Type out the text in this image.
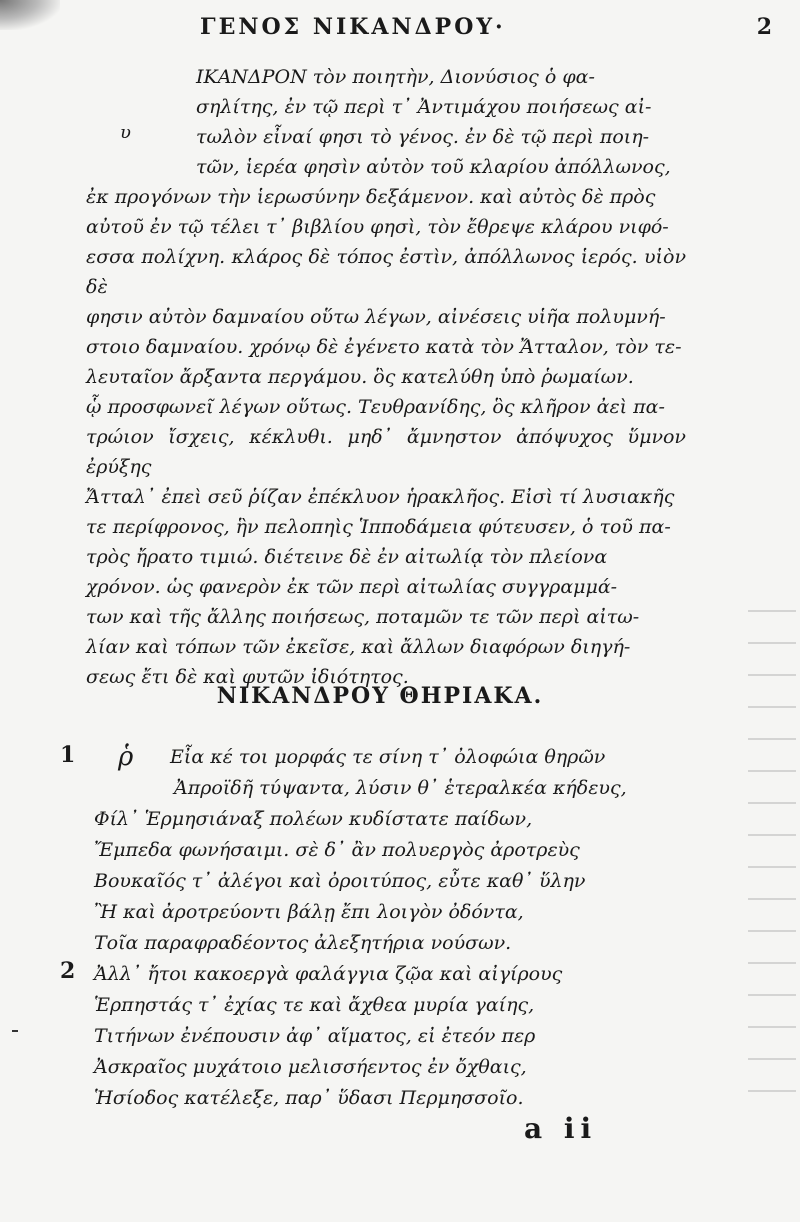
ΓΕΝΟΣ ΝΙΚΑΝΔΡΟΥ·	2
υ

ΙΚΑΝΔΡΟΝ τὸν ποιητὴν, Διονύσιος ὁ φα-

σηλίτης, ἐν τῷ περὶ τ᾽ Ἀντιμάχου ποιήσεως αἰ-

τωλὸν εἶναί φησι τὸ γένος. ἐν δὲ τῷ περὶ ποιη-

τῶν, ἱερέα φησὶν αὐτὸν τοῦ κλαρίου ἀπόλλωνος,

ἐκ προγόνων τὴν ἱερωσύνην δεξάμενον. καὶ αὐτὸς δὲ πρὸς

αὐτοῦ ἐν τῷ τέλει τ᾽ βιβλίου φησὶ, τὸν ἔθρεψε κλάρου νιφό-

εσσα πολίχνη. κλάρος δὲ τόπος ἐστὶν, ἀπόλλωνος ἱερός. υἱὸν δὲ

φησιν αὐτὸν δαμναίου οὕτω λέγων, αἰνέσεις υἱῆα πολυμνή-

στοιο δαμναίου. χρόνῳ δὲ ἐγένετο κατὰ τὸν Ἄτταλον, τὸν τε-

λευταῖον ἄρξαντα περγάμου. ὃς κατελύθη ὑπὸ ῥωμαίων.

ᾧ προσφωνεῖ λέγων οὕτως. Τευθρανίδης, ὃς κλῆρον ἀεὶ πα-

τρώιον ἴσχεις, κέκλυθι. μηδ᾽ ἄμνηστον ἀπόψυχος ὕμνον ἐρύξης

Ἄτταλ᾽ ἐπεὶ σεῦ ῥίζαν ἐπέκλυον ἡρακλῆος. Εἰσὶ τί λυσιακῆς

τε περίφρονος, ἣν πελοπηὶς Ἱπποδάμεια φύτευσεν, ὁ τοῦ πα-

τρὸς ἤρατο τιμιώ. διέτεινε δὲ ἐν αἰτωλίᾳ τὸν πλείονα

χρόνον. ὡς φανερὸν ἐκ τῶν περὶ αἰτωλίας συγγραμμά-

των καὶ τῆς ἄλλης ποιήσεως, ποταμῶν τε τῶν περὶ αἰτω-

λίαν καὶ τόπων τῶν ἐκεῖσε, καὶ ἄλλων διαφόρων διηγή-

σεως ἔτι δὲ καὶ φυτῶν ἰδιότητος.

ΝΙΚΑΝΔΡΟΥ ΘΗΡΙΑΚΑ.
1
2
ῥ	Εἶα κέ τοι μορφάς τε σίνη τ᾽ ὀλοφώια θηρῶν
Ἀπροϊδῆ τύψαντα, λύσιν θ᾽ ἑτεραλκέα κήδευς,
Φίλ᾽ Ἑρμησιάναξ πολέων κυδίστατε παίδων,
Ἔμπεδα φωνήσαιμι. σὲ δ᾽ ἂν πολυεργὸς ἀροτρεὺς
Βουκαῖός τ᾽ ἀλέγοι καὶ ὀροιτύπος, εὖτε καθ᾽ ὕλην
Ἢ καὶ ἀροτρεύοντι βάλῃ ἔπι λοιγὸν ὀδόντα,
Τοῖα παραφραδέοντος ἀλεξητήρια νούσων.
Ἀλλ᾽ ἤτοι κακοεργὰ φαλάγγια ζῷα καὶ αἰγίρους
Ἑρπηστάς τ᾽ ἐχίας τε καὶ ἄχθεα μυρία γαίης,
Τιτήνων ἐνέπουσιν ἀφ᾽ αἵματος, εἰ ἐτεόν περ
Ἀσκραῖος μυχάτοιο μελισσήεντος ἐν ὄχθαις,
Ἡσίοδος κατέλεξε, παρ᾽ ὕδασι Περμησσοῖο.
a ii
